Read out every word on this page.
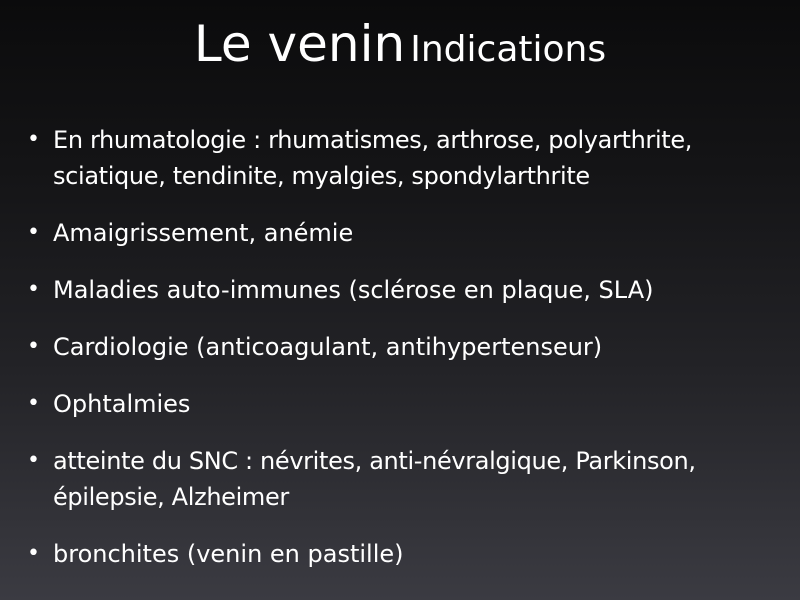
Le venin Indications
• En rhumatologie : rhumatismes, arthrose, polyarthrite,
sciatique, tendinite, myalgies, spondylarthrite
• Amaigrissement, anémie
• Maladies auto-immunes (sclérose en plaque, SLA)
• Cardiologie (anticoagulant, antihypertenseur)
• Ophtalmies
• atteinte du SNC : névrites, anti-névralgique, Parkinson,
épilepsie, Alzheimer
• bronchites (venin en pastille)
